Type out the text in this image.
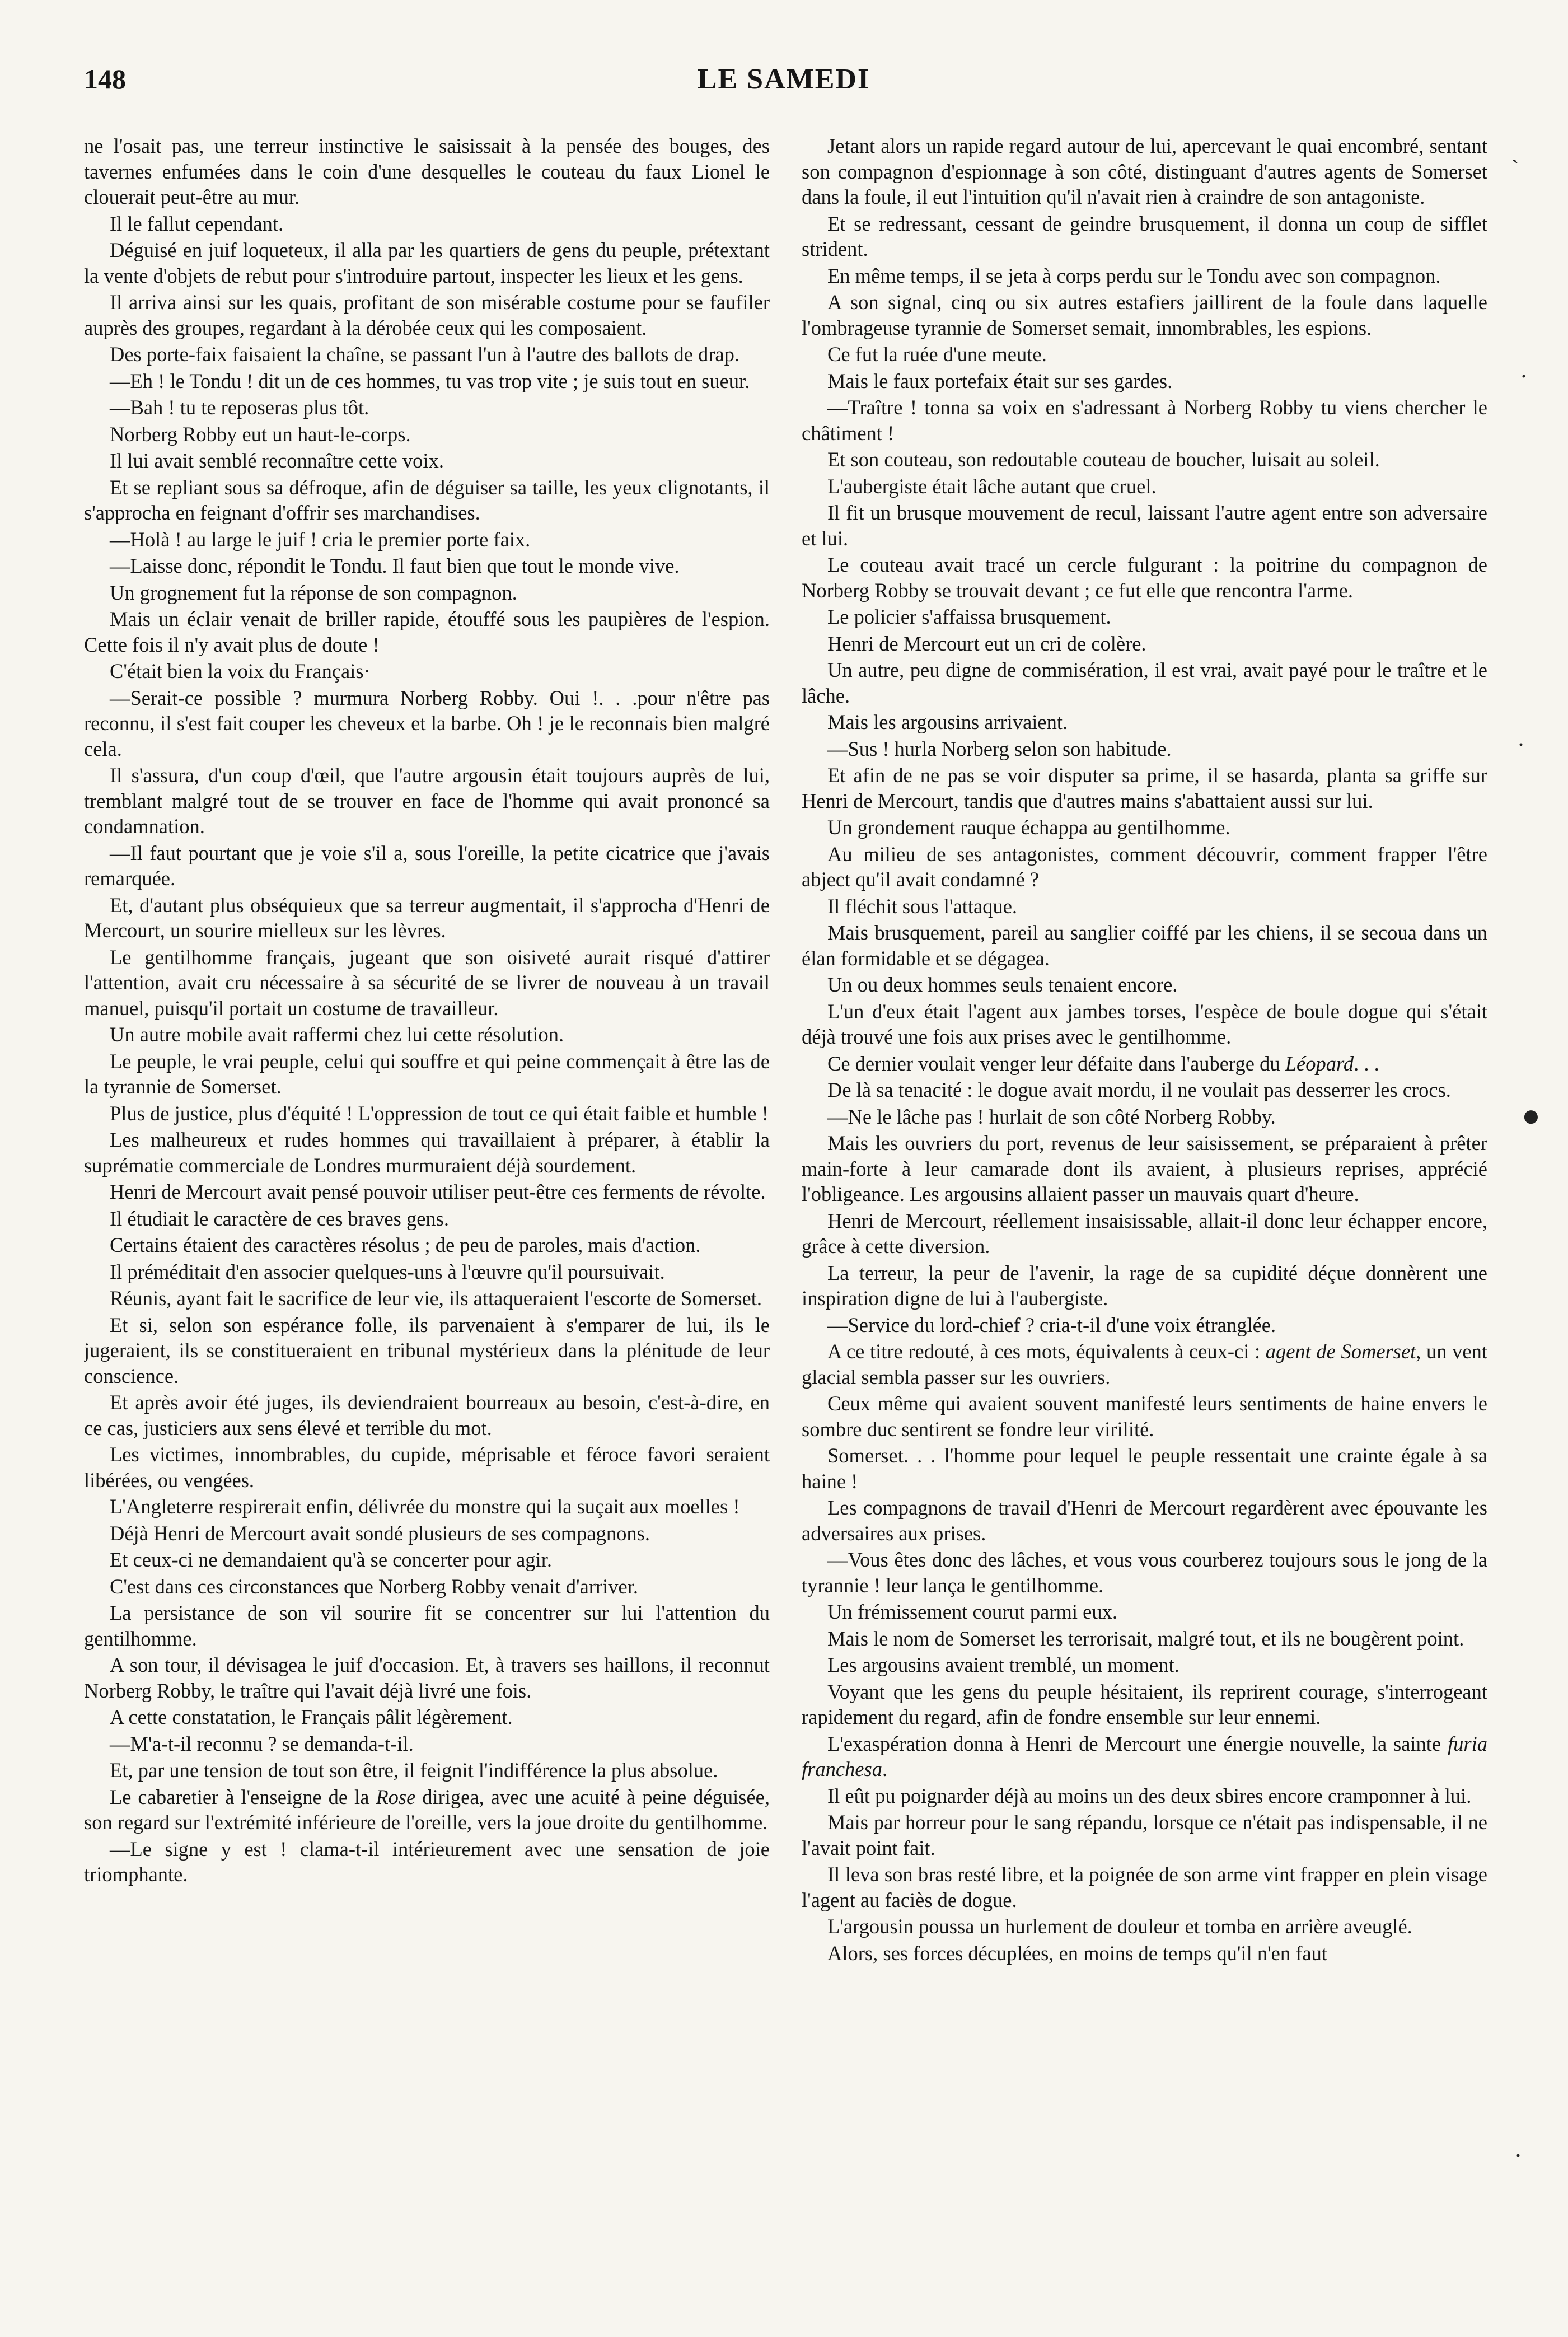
148	LE SAMEDI

ne l'osait pas, une terreur instinctive le saisissait à la pensée des bouges, des tavernes enfumées dans le coin d'une desquelles le couteau du faux Lionel le clouerait peut-être au mur.

Il le fallut cependant.

Déguisé en juif loqueteux, il alla par les quartiers de gens du peuple, prétextant la vente d'objets de rebut pour s'introduire partout, inspecter les lieux et les gens.

Il arriva ainsi sur les quais, profitant de son misérable costume pour se faufiler auprès des groupes, regardant à la dérobée ceux qui les composaient.

Des porte-faix faisaient la chaîne, se passant l'un à l'autre des ballots de drap.

—Eh ! le Tondu ! dit un de ces hommes, tu vas trop vite ; je suis tout en sueur.

—Bah ! tu te reposeras plus tôt.

Norberg Robby eut un haut-le-corps.

Il lui avait semblé reconnaître cette voix.

Et se repliant sous sa défroque, afin de déguiser sa taille, les yeux clignotants, il s'approcha en feignant d'offrir ses marchandises.

—Holà ! au large le juif ! cria le premier porte faix.

—Laisse donc, répondit le Tondu. Il faut bien que tout le monde vive.

Un grognement fut la réponse de son compagnon.

Mais un éclair venait de briller rapide, étouffé sous les paupières de l'espion. Cette fois il n'y avait plus de doute !

C'était bien la voix du Français·

—Serait-ce possible ? murmura Norberg Robby. Oui !. . .pour n'être pas reconnu, il s'est fait couper les cheveux et la barbe. Oh ! je le reconnais bien malgré cela.

Il s'assura, d'un coup d'œil, que l'autre argousin était toujours auprès de lui, tremblant malgré tout de se trouver en face de l'homme qui avait prononcé sa condamnation.

—Il faut pourtant que je voie s'il a, sous l'oreille, la petite cicatrice que j'avais remarquée.

Et, d'autant plus obséquieux que sa terreur augmentait, il s'approcha d'Henri de Mercourt, un sourire mielleux sur les lèvres.

Le gentilhomme français, jugeant que son oisiveté aurait risqué d'attirer l'attention, avait cru nécessaire à sa sécurité de se livrer de nouveau à un travail manuel, puisqu'il portait un costume de travailleur.

Un autre mobile avait raffermi chez lui cette résolution.

Le peuple, le vrai peuple, celui qui souffre et qui peine commençait à être las de la tyrannie de Somerset.

Plus de justice, plus d'équité ! L'oppression de tout ce qui était faible et humble !

Les malheureux et rudes hommes qui travaillaient à préparer, à établir la suprématie commerciale de Londres murmuraient déjà sourdement.

Henri de Mercourt avait pensé pouvoir utiliser peut-être ces ferments de révolte.

Il étudiait le caractère de ces braves gens.

Certains étaient des caractères résolus ; de peu de paroles, mais d'action.

Il préméditait d'en associer quelques-uns à l'œuvre qu'il poursuivait.

Réunis, ayant fait le sacrifice de leur vie, ils attaqueraient l'escorte de Somerset.

Et si, selon son espérance folle, ils parvenaient à s'emparer de lui, ils le jugeraient, ils se constitueraient en tribunal mystérieux dans la plénitude de leur conscience.

Et après avoir été juges, ils deviendraient bourreaux au besoin, c'est-à-dire, en ce cas, justiciers aux sens élevé et terrible du mot.

Les victimes, innombrables, du cupide, méprisable et féroce favori seraient libérées, ou vengées.

L'Angleterre respirerait enfin, délivrée du monstre qui la suçait aux moelles !

Déjà Henri de Mercourt avait sondé plusieurs de ses compagnons.

Et ceux-ci ne demandaient qu'à se concerter pour agir.

C'est dans ces circonstances que Norberg Robby venait d'arriver.

La persistance de son vil sourire fit se concentrer sur lui l'attention du gentilhomme.

A son tour, il dévisagea le juif d'occasion. Et, à travers ses haillons, il reconnut Norberg Robby, le traître qui l'avait déjà livré une fois.

A cette constatation, le Français pâlit légèrement.

—M'a-t-il reconnu ? se demanda-t-il.

Et, par une tension de tout son être, il feignit l'indifférence la plus absolue.

Le cabaretier à l'enseigne de la Rose dirigea, avec une acuité à peine déguisée, son regard sur l'extrémité inférieure de l'oreille, vers la joue droite du gentilhomme.

—Le signe y est ! clama-t-il intérieurement avec une sensation de joie triomphante.

Jetant alors un rapide regard autour de lui, apercevant le quai encombré, sentant son compagnon d'espionnage à son côté, distinguant d'autres agents de Somerset dans la foule, il eut l'intuition qu'il n'avait rien à craindre de son antagoniste.

Et se redressant, cessant de geindre brusquement, il donna un coup de sifflet strident.

En même temps, il se jeta à corps perdu sur le Tondu avec son compagnon.

A son signal, cinq ou six autres estafiers jaillirent de la foule dans laquelle l'ombrageuse tyrannie de Somerset semait, innombrables, les espions.

Ce fut la ruée d'une meute.

Mais le faux portefaix était sur ses gardes.

—Traître ! tonna sa voix en s'adressant à Norberg Robby tu viens chercher le châtiment !

Et son couteau, son redoutable couteau de boucher, luisait au soleil.

L'aubergiste était lâche autant que cruel.

Il fit un brusque mouvement de recul, laissant l'autre agent entre son adversaire et lui.

Le couteau avait tracé un cercle fulgurant : la poitrine du compagnon de Norberg Robby se trouvait devant ; ce fut elle que rencontra l'arme.

Le policier s'affaissa brusquement.

Henri de Mercourt eut un cri de colère.

Un autre, peu digne de commisération, il est vrai, avait payé pour le traître et le lâche.

Mais les argousins arrivaient.

—Sus ! hurla Norberg selon son habitude.

Et afin de ne pas se voir disputer sa prime, il se hasarda, planta sa griffe sur Henri de Mercourt, tandis que d'autres mains s'abattaient aussi sur lui.

Un grondement rauque échappa au gentilhomme.

Au milieu de ses antagonistes, comment découvrir, comment frapper l'être abject qu'il avait condamné ?

Il fléchit sous l'attaque.

Mais brusquement, pareil au sanglier coiffé par les chiens, il se secoua dans un élan formidable et se dégagea.

Un ou deux hommes seuls tenaient encore.

L'un d'eux était l'agent aux jambes torses, l'espèce de boule dogue qui s'était déjà trouvé une fois aux prises avec le gentilhomme.

Ce dernier voulait venger leur défaite dans l'auberge du Léopard. . .

De là sa tenacité : le dogue avait mordu, il ne voulait pas desserrer les crocs.

—Ne le lâche pas ! hurlait de son côté Norberg Robby.

Mais les ouvriers du port, revenus de leur saisissement, se préparaient à prêter main-forte à leur camarade dont ils avaient, à plusieurs reprises, apprécié l'obligeance. Les argousins allaient passer un mauvais quart d'heure.

Henri de Mercourt, réellement insaisissable, allait-il donc leur échapper encore, grâce à cette diversion.

La terreur, la peur de l'avenir, la rage de sa cupidité déçue donnèrent une inspiration digne de lui à l'aubergiste.

—Service du lord-chief ? cria-t-il d'une voix étranglée.

A ce titre redouté, à ces mots, équivalents à ceux-ci : agent de Somerset, un vent glacial sembla passer sur les ouvriers.

Ceux même qui avaient souvent manifesté leurs sentiments de haine envers le sombre duc sentirent se fondre leur virilité.

Somerset. . . l'homme pour lequel le peuple ressentait une crainte égale à sa haine !

Les compagnons de travail d'Henri de Mercourt regardèrent avec épouvante les adversaires aux prises.

—Vous êtes donc des lâches, et vous vous courberez toujours sous le jong de la tyrannie ! leur lança le gentilhomme.

Un frémissement courut parmi eux.

Mais le nom de Somerset les terrorisait, malgré tout, et ils ne bougèrent point.

Les argousins avaient tremblé, un moment.

Voyant que les gens du peuple hésitaient, ils reprirent courage, s'interrogeant rapidement du regard, afin de fondre ensemble sur leur ennemi.

L'exaspération donna à Henri de Mercourt une énergie nouvelle, la sainte furia franchesa.

Il eût pu poignarder déjà au moins un des deux sbires encore cramponner à lui.

Mais par horreur pour le sang répandu, lorsque ce n'était pas indispensable, il ne l'avait point fait.

Il leva son bras resté libre, et la poignée de son arme vint frapper en plein visage l'agent au faciès de dogue.

L'argousin poussa un hurlement de douleur et tomba en arrière aveuglé.

Alors, ses forces décuplées, en moins de temps qu'il n'en faut

˴
·
·
●
·
